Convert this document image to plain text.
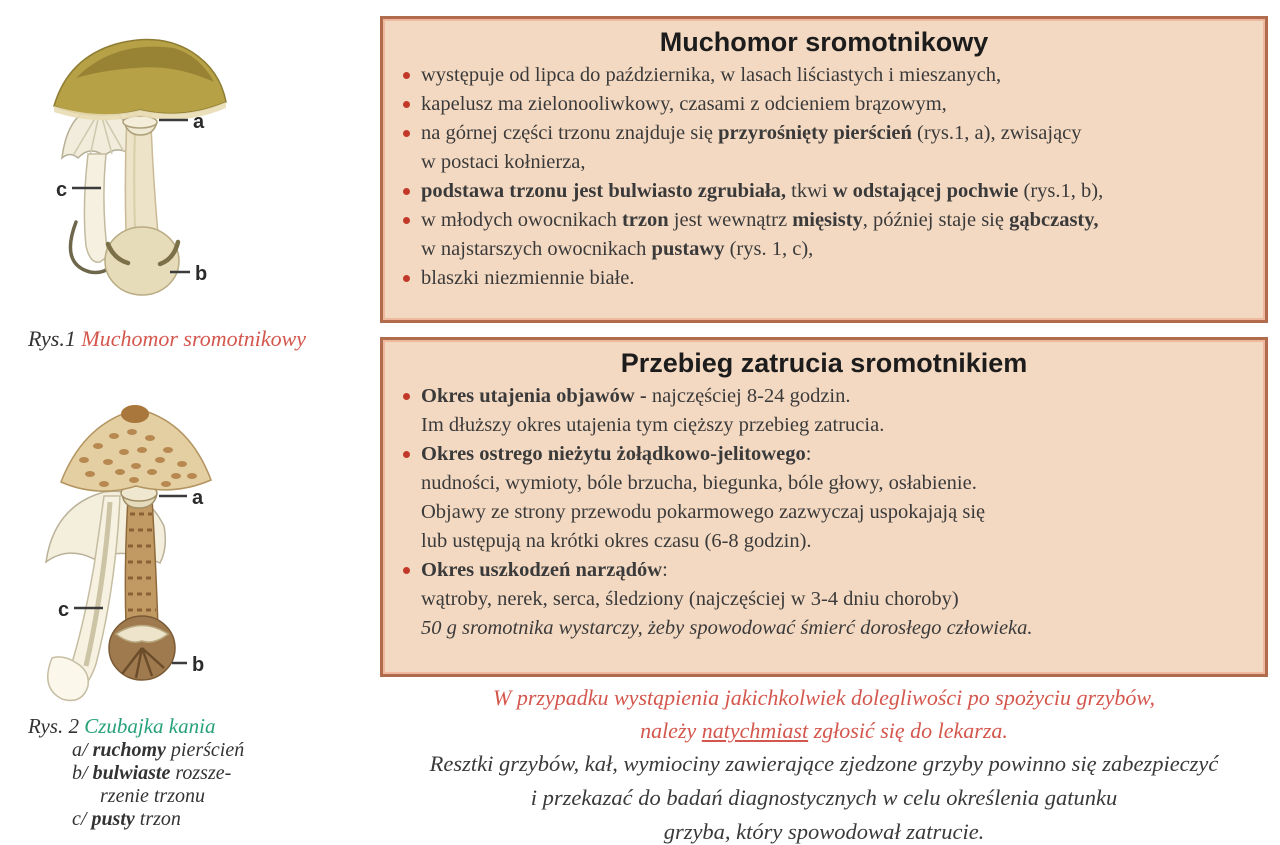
a
b
c
Rys.1 Muchomor sromotnikowy
a
b
c
Rys. 2 Czubajka kania
a/ ruchomy pierścień
b/ bulwiaste rozsze-
rzenie trzonu
c/ pusty trzon
Muchomor sromotnikowy
występuje od lipca do października, w lasach liściastych i mieszanych,
kapelusz ma zielonooliwkowy, czasami z odcieniem brązowym,
na górnej części trzonu znajduje się przyrośnięty pierścień (rys.1, a), zwisający
w postaci kołnierza,
podstawa trzonu jest bulwiasto zgrubiała, tkwi w odstającej pochwie (rys.1, b),
w młodych owocnikach trzon jest wewnątrz mięsisty, później staje się gąbczasty,
w najstarszych owocnikach pustawy (rys. 1, c),
blaszki niezmiennie białe.
Przebieg zatrucia sromotnikiem
Okres utajenia objawów - najczęściej 8-24 godzin.
Im dłuższy okres utajenia tym cięższy przebieg zatrucia.
Okres ostrego nieżytu żołądkowo-jelitowego:
nudności, wymioty, bóle brzucha, biegunka, bóle głowy, osłabienie.
Objawy ze strony przewodu pokarmowego zazwyczaj uspokajają się
lub ustępują na krótki okres czasu (6-8 godzin).
Okres uszkodzeń narządów:
wątroby, nerek, serca, śledziony (najczęściej w 3-4 dniu choroby)
50 g sromotnika wystarczy, żeby spowodować śmierć dorosłego człowieka.

W przypadku wystąpienia jakichkolwiek dolegliwości po spożyciu grzybów,

należy natychmiast zgłosić się do lekarza.

Resztki grzybów, kał, wymiociny zawierające zjedzone grzyby powinno się zabezpieczyć

i przekazać do badań diagnostycznych w celu określenia gatunku

grzyba, który spowodował zatrucie.
